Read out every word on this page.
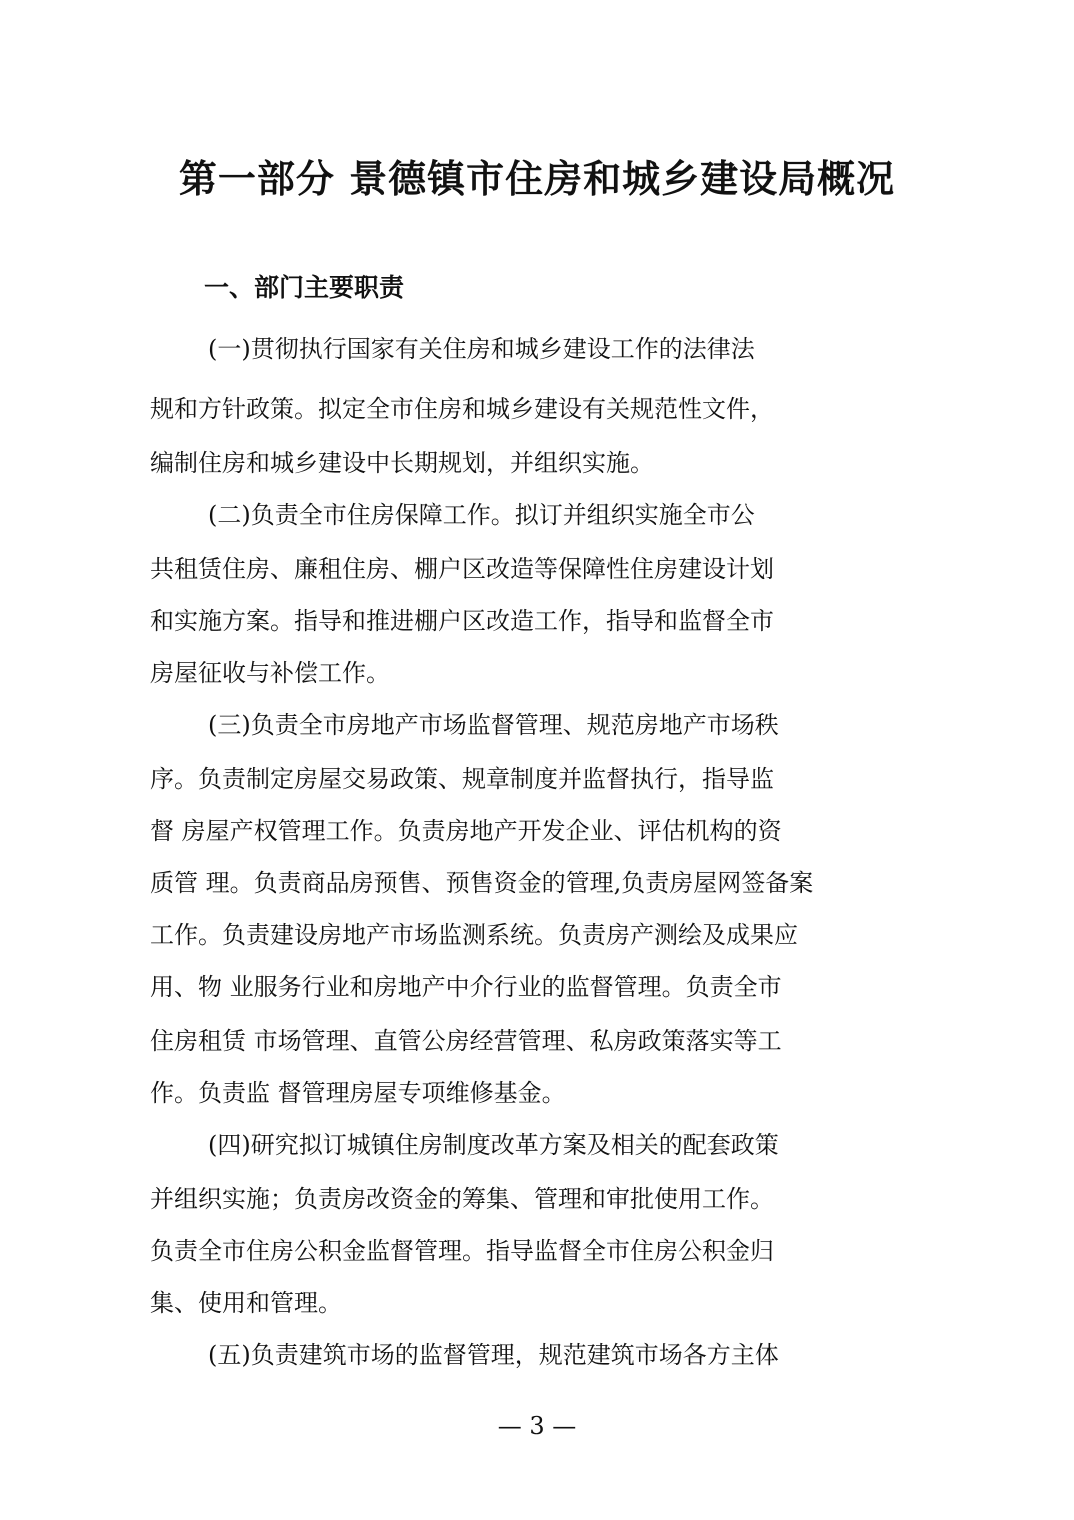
第一部分 景德镇市住房和城乡建设局概况
一、部门主要职责

(一)贯彻执行国家有关住房和城乡建设工作的法律法

规和方针政策。拟定全市住房和城乡建设有关规范性文件，

编制住房和城乡建设中长期规划，并组织实施。

(二)负责全市住房保障工作。拟订并组织实施全市公

共租赁住房、廉租住房、棚户区改造等保障性住房建设计划

和实施方案。指导和推进棚户区改造工作，指导和监督全市

房屋征收与补偿工作。

(三)负责全市房地产市场监督管理、规范房地产市场秩

序。负责制定房屋交易政策、规章制度并监督执行，指导监

督 房屋产权管理工作。负责房地产开发企业、评估机构的资

质管 理。负责商品房预售、预售资金的管理,负责房屋网签备案

工作。负责建设房地产市场监测系统。负责房产测绘及成果应

用、物 业服务行业和房地产中介行业的监督管理。负责全市

住房租赁 市场管理、直管公房经营管理、私房政策落实等工

作。负责监 督管理房屋专项维修基金。

(四)研究拟订城镇住房制度改革方案及相关的配套政策

并组织实施；负责房改资金的筹集、管理和审批使用工作。

负责全市住房公积金监督管理。指导监督全市住房公积金归

集、使用和管理。

(五)负责建筑市场的监督管理，规范建筑市场各方主体

— 3 —
